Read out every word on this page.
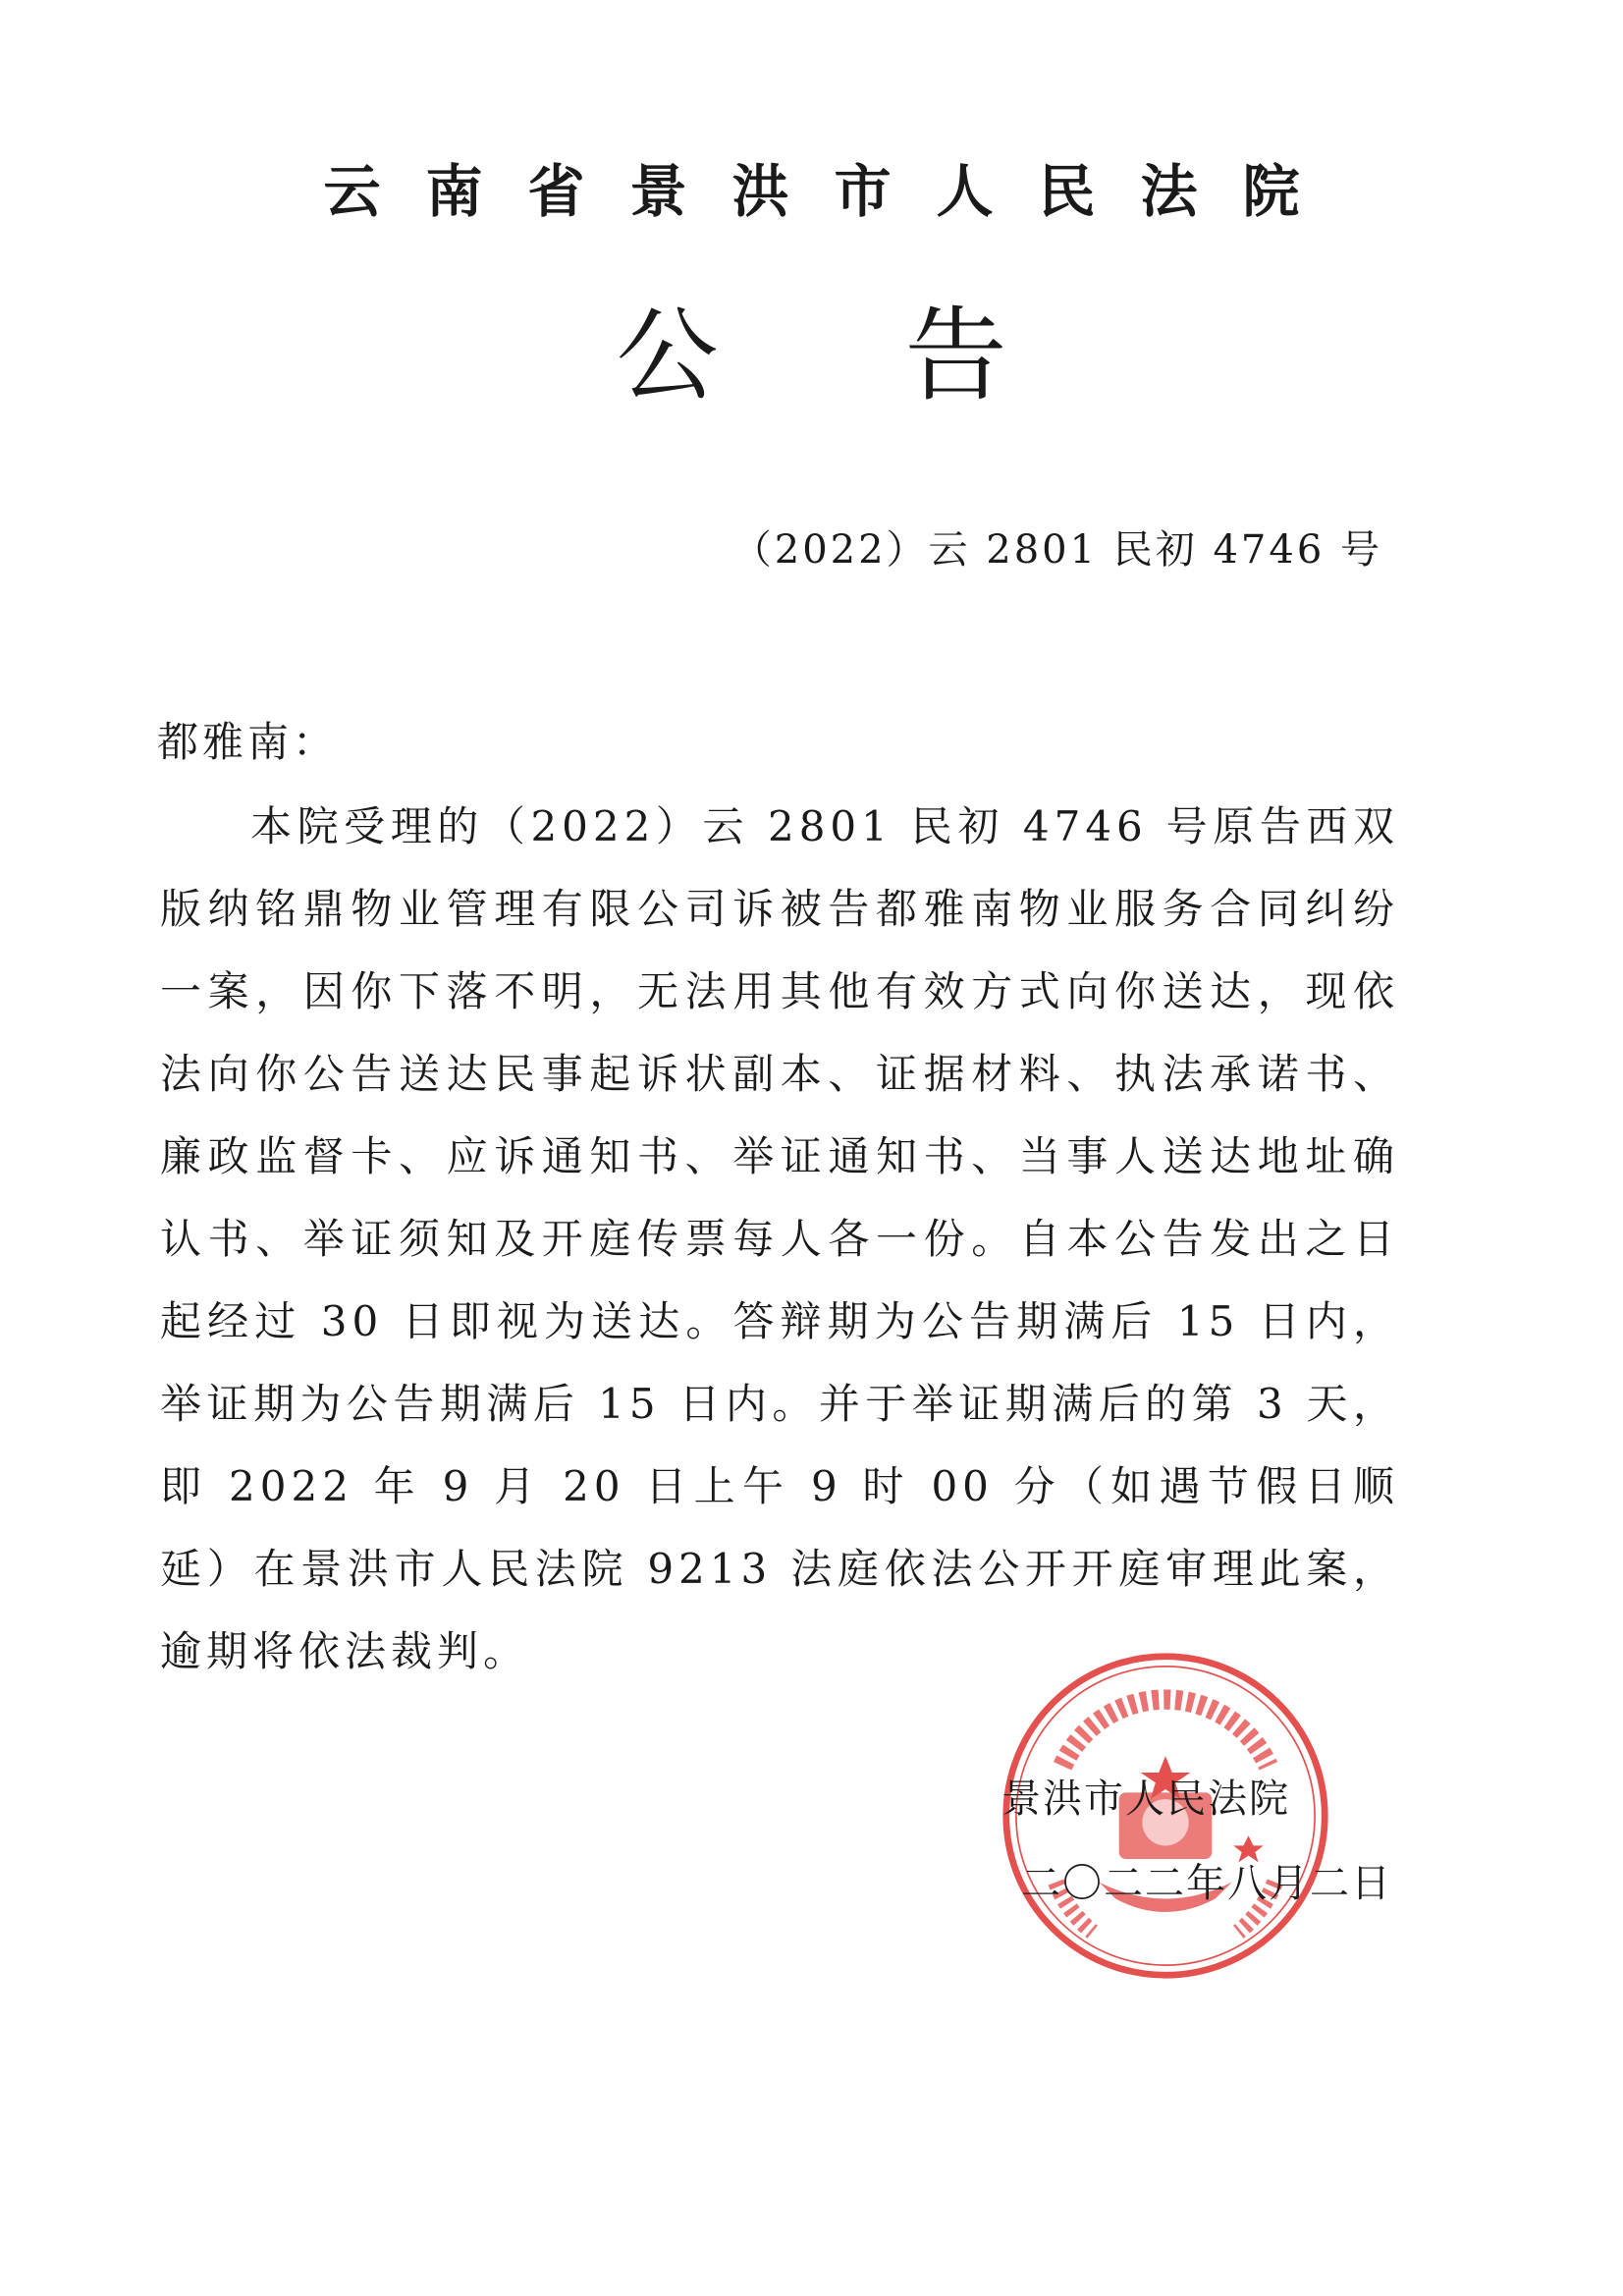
云南省景洪市人民法院
公告
（2022）云 2801 民初 4746 号
都雅南：
本院受理的（2022）云 2801 民初 4746 号原告西双版纳铭鼎物业管理有限公司诉被告都雅南物业服务合同纠纷一案，因你下落不明，无法用其他有效方式向你送达，现依法向你公告送达民事起诉状副本、证据材料、执法承诺书、廉政监督卡、应诉通知书、举证通知书、当事人送达地址确认书、举证须知及开庭传票每人各一份。自本公告发出之日起经过 30 日即视为送达。答辩期为公告期满后 15 日内，举证期为公告期满后 15 日内。并于举证期满后的第 3 天，即 2022 年 9 月 20 日上午 9 时 00 分（如遇节假日顺延）在景洪市人民法院 9213 法庭依法公开开庭审理此案，逾期将依法裁判。
景洪市人民法院
二〇二二年八月二日
